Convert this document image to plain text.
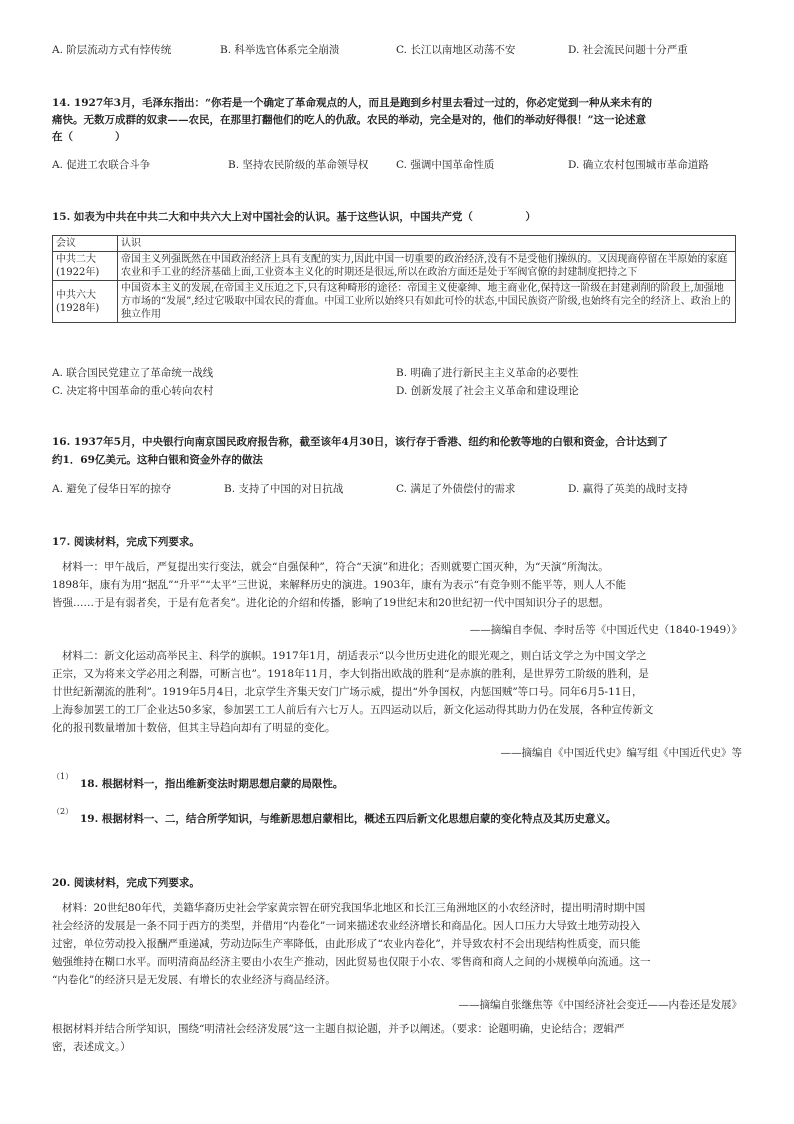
A. 阶层流动方式有悖传统	B. 科举选官体系完全崩溃	C. 长江以南地区动荡不安	D. 社会流民问题十分严重
14. 1927年3月，毛泽东指出：“你若是一个确定了革命观点的人，而且是跑到乡村里去看过一过的，你必定觉到一种从来未有的
痛快。无数万成群的奴隶——农民，在那里打翻他们的吃人的仇敌。农民的举动，完全是对的，他们的举动好得很！”这一论述意
在（　　　　）
A. 促进工农联合斗争	B. 坚持农民阶级的革命领导权	C. 强调中国革命性质	D. 确立农村包围城市革命道路
15. 如表为中共在中共二大和中共六大上对中国社会的认识。基于这些认识，中国共产党（　　　　　）
会议	认识
中共二大(1922年)	帝国主义列强既然在中国政治经济上具有支配的实力,因此中国一切重要的政治经济,没有不是受他们操纵的。又因现商停留在半原始的家庭农业和手工业的经济基础上面,工业资本主义化的时期还是很远,所以在政治方面还是处于军阀官僚的封建制度把持之下
中共六大(1928年)	中国资本主义的发展,在帝国主义压迫之下,只有这种畸形的途径：帝国主义使豪绅、地主商业化,保持这一阶级在封建剥削的阶段上,加强地方市场的“发展”,经过它吸取中国农民的膏血。中国工业所以始终只有如此可怜的状态,中国民族资产阶级,也始终有完全的经济上、政治上的独立作用
A. 联合国民党建立了革命统一战线	B. 明确了进行新民主主义革命的必要性
C. 决定将中国革命的重心转向农村	D. 创新发展了社会主义革命和建设理论
16. 1937年5月，中央银行向南京国民政府报告称，截至该年4月30日，该行存于香港、纽约和伦敦等地的白银和资金，合计达到了
约1．69亿美元。这种白银和资金外存的做法
A. 避免了侵华日军的掠夺	B. 支持了中国的对日抗战	C. 满足了外债偿付的需求	D. 赢得了英美的战时支持
17. 阅读材料，完成下列要求。
材料一：甲午战后，严复提出实行变法，就会“自强保种”，符合“天演”和进化；否则就要亡国灭种，为“天演”所淘汰。
1898年，康有为用“据乱”“升平”“太平”三世说，来解释历史的演进。1903年，康有为表示“有竞争则不能平等，则人人不能
皆强……于是有弱者矣，于是有危者矣”。进化论的介绍和传播，影响了19世纪末和20世纪初一代中国知识分子的思想。
——摘编自李侃、李时岳等《中国近代史（1840-1949）》
材料二：新文化运动高举民主、科学的旗帜。1917年1月，胡适表示“以今世历史进化的眼光观之，则白话文学之为中国文学之
正宗，又为将来文学必用之利器，可断言也”。1918年11月，李大钊指出欧战的胜利“是赤旗的胜利，是世界劳工阶级的胜利，是
廿世纪新潮流的胜利”。1919年5月4日，北京学生齐集天安门广场示威，提出“外争国权，内惩国贼”等口号。同年6月5-11日，
上海参加罢工的工厂企业达50多家，参加罢工工人前后有六七万人。五四运动以后，新文化运动得其助力仍在发展，各种宣传新文
化的报刊数量增加十数倍，但其主导趋向却有了明显的变化。
——摘编自《中国近代史》编写组《中国近代史》等
（1）
18. 根据材料一，指出维新变法时期思想启蒙的局限性。
（2）
19. 根据材料一、二，结合所学知识，与维新思想启蒙相比，概述五四后新文化思想启蒙的变化特点及其历史意义。
20. 阅读材料，完成下列要求。
材料：20世纪80年代，美籍华裔历史社会学家黄宗智在研究我国华北地区和长江三角洲地区的小农经济时，提出明清时期中国
社会经济的发展是一条不同于西方的类型，并借用“内卷化”一词来描述农业经济增长和商品化。因人口压力大导致土地劳动投入
过密，单位劳动投入报酬严重递减，劳动边际生产率降低，由此形成了“农业内卷化”，并导致农村不会出现结构性质变，而只能
勉强维持在糊口水平。而明清商品经济主要由小农生产推动，因此贸易也仅限于小农、零售商和商人之间的小规模单向流通。这一
“内卷化”的经济只是无发展、有增长的农业经济与商品经济。
——摘编自张继焦等《中国经济社会变迁——内卷还是发展》
根据材料并结合所学知识，围绕“明清社会经济发展”这一主题自拟论题，并予以阐述。（要求：论题明确，史论结合；逻辑严
密，表述成文。）
